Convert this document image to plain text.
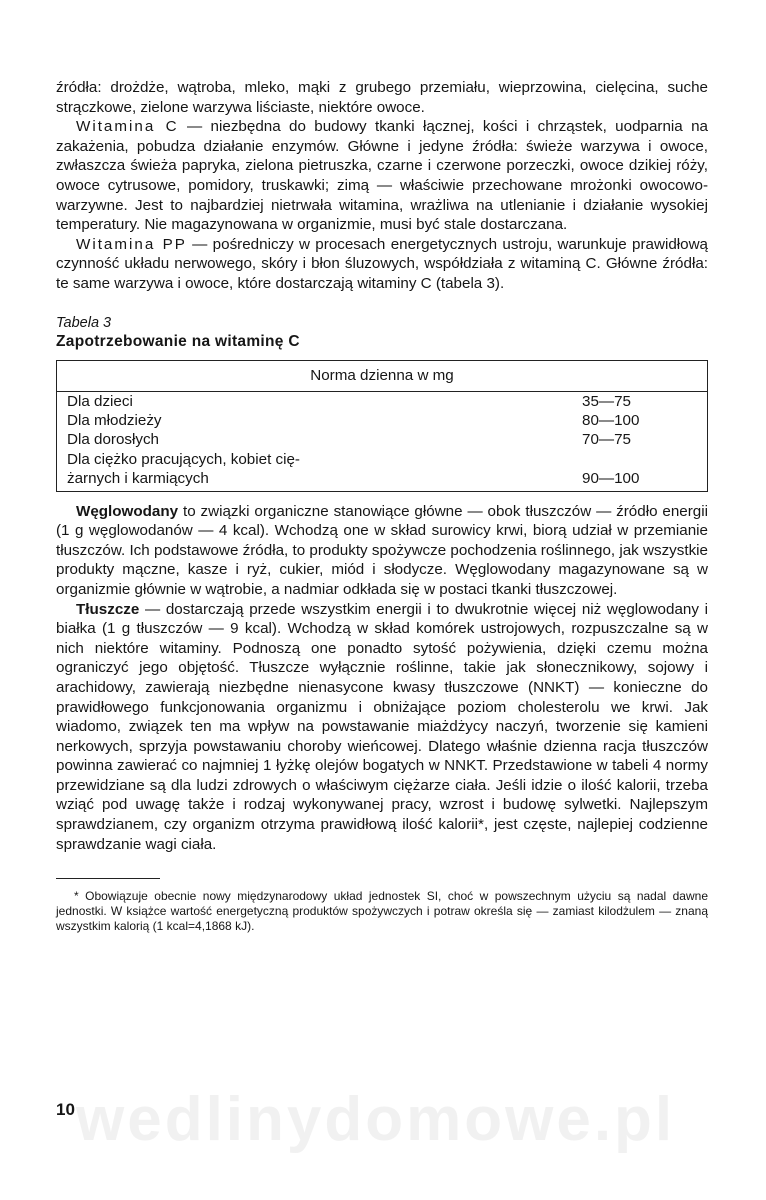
źródła: drożdże, wątroba, mleko, mąki z grubego przemiału, wieprzowina, cielęcina, suche strączkowe, zielone warzywa liściaste, niektóre owoce.

Witamina C — niezbędna do budowy tkanki łącznej, kości i chrząstek, uodparnia na zakażenia, pobudza działanie enzymów. Główne i jedyne źródła: świeże warzywa i owoce, zwłaszcza świeża papryka, zielona pietruszka, czarne i czerwone porzeczki, owoce dzikiej róży, owoce cytrusowe, pomidory, truskawki; zimą — właściwie przechowane mrożonki owocowo-warzywne. Jest to najbardziej nietrwała witamina, wrażliwa na utlenianie i działanie wysokiej temperatury. Nie magazynowana w organizmie, musi być stale dostarczana.

Witamina PP — pośredniczy w procesach energetycznych ustroju, warunkuje prawidłową czynność układu nerwowego, skóry i błon śluzowych, współdziała z witaminą C. Główne źródła: te same warzywa i owoce, które dostarczają witaminy C (tabela 3).

Tabela 3
Zapotrzebowanie na witaminę C
Norma dzienna w mg	
Dla dzieci	35—75
Dla młodzieży	80—100
Dla dorosłych	70—75
Dla ciężko pracujących, kobiet cię-	
żarnych i karmiących	90—100

Węglowodany to związki organiczne stanowiące główne — obok tłuszczów — źródło energii (1 g węglowodanów — 4 kcal). Wchodzą one w skład surowicy krwi, biorą udział w przemianie tłuszczów. Ich podstawowe źródła, to produkty spożywcze pochodzenia roślinnego, jak wszystkie produkty mączne, kasze i ryż, cukier, miód i słodycze. Węglowodany magazynowane są w organizmie głównie w wątrobie, a nadmiar odkłada się w postaci tkanki tłuszczowej.

Tłuszcze — dostarczają przede wszystkim energii i to dwukrotnie więcej niż węglowodany i białka (1 g tłuszczów — 9 kcal). Wchodzą w skład komórek ustrojowych, rozpuszczalne są w nich niektóre witaminy. Podnoszą one ponadto sytość pożywienia, dzięki czemu można ograniczyć jego objętość. Tłuszcze wyłącznie roślinne, takie jak słonecznikowy, sojowy i arachidowy, zawierają niezbędne nienasycone kwasy tłuszczowe (NNKT) — konieczne do prawidłowego funkcjonowania organizmu i obniżające poziom cholesterolu we krwi. Jak wiadomo, związek ten ma wpływ na powstawanie miażdżycy naczyń, tworzenie się kamieni nerkowych, sprzyja powstawaniu choroby wieńcowej. Dlatego właśnie dzienna racja tłuszczów powinna zawierać co najmniej 1 łyżkę olejów bogatych w NNKT. Przedstawione w tabeli 4 normy przewidziane są dla ludzi zdrowych o właściwym ciężarze ciała. Jeśli idzie o ilość kalorii, trzeba wziąć pod uwagę także i rodzaj wykonywanej pracy, wzrost i budowę sylwetki. Najlepszym sprawdzianem, czy organizm otrzyma prawidłową ilość kalorii*, jest częste, najlepiej codzienne sprawdzanie wagi ciała.

* Obowiązuje obecnie nowy międzynarodowy układ jednostek SI, choć w powszechnym użyciu są nadal dawne jednostki. W książce wartość energetyczną produktów spożywczych i potraw określa się — zamiast kilodżulem — znaną wszystkim kalorią (1 kcal=4,1868 kJ).

wedlinydomowe.pl
10
